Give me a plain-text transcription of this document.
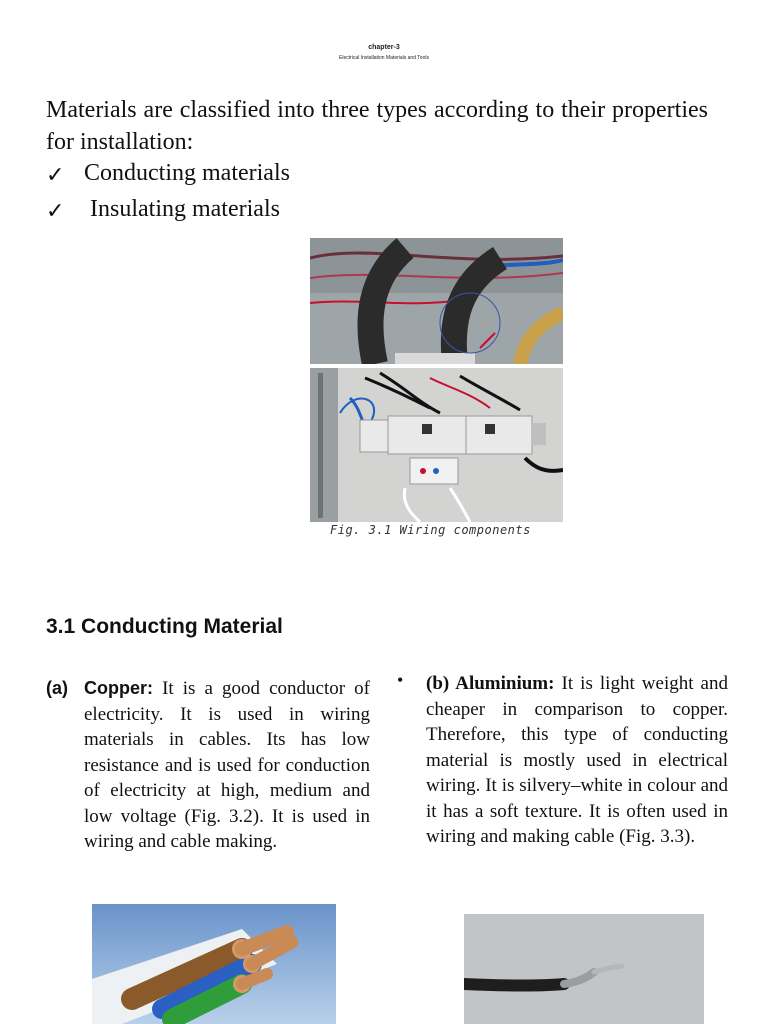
chapter-3
Electrical Installation Materials and Tools
Materials are classified into three types according to their properties for installation:
✓ Conducting materials
✓ Insulating materials
Fig. 3.1 Wiring components
3.1 Conducting Material
(a) Copper: It is a good conductor of electricity. It is used in wiring materials in cables. Its has low resistance and is used for conduction of electricity at high, medium and low voltage (Fig. 3.2). It is used in wiring and cable making.
• (b) Aluminium: It is light weight and cheaper in comparison to copper. Therefore, this type of conducting material is mostly used in electrical wiring. It is silvery–white in colour and it has a soft texture. It is often used in wiring and making cable (Fig. 3.3).
